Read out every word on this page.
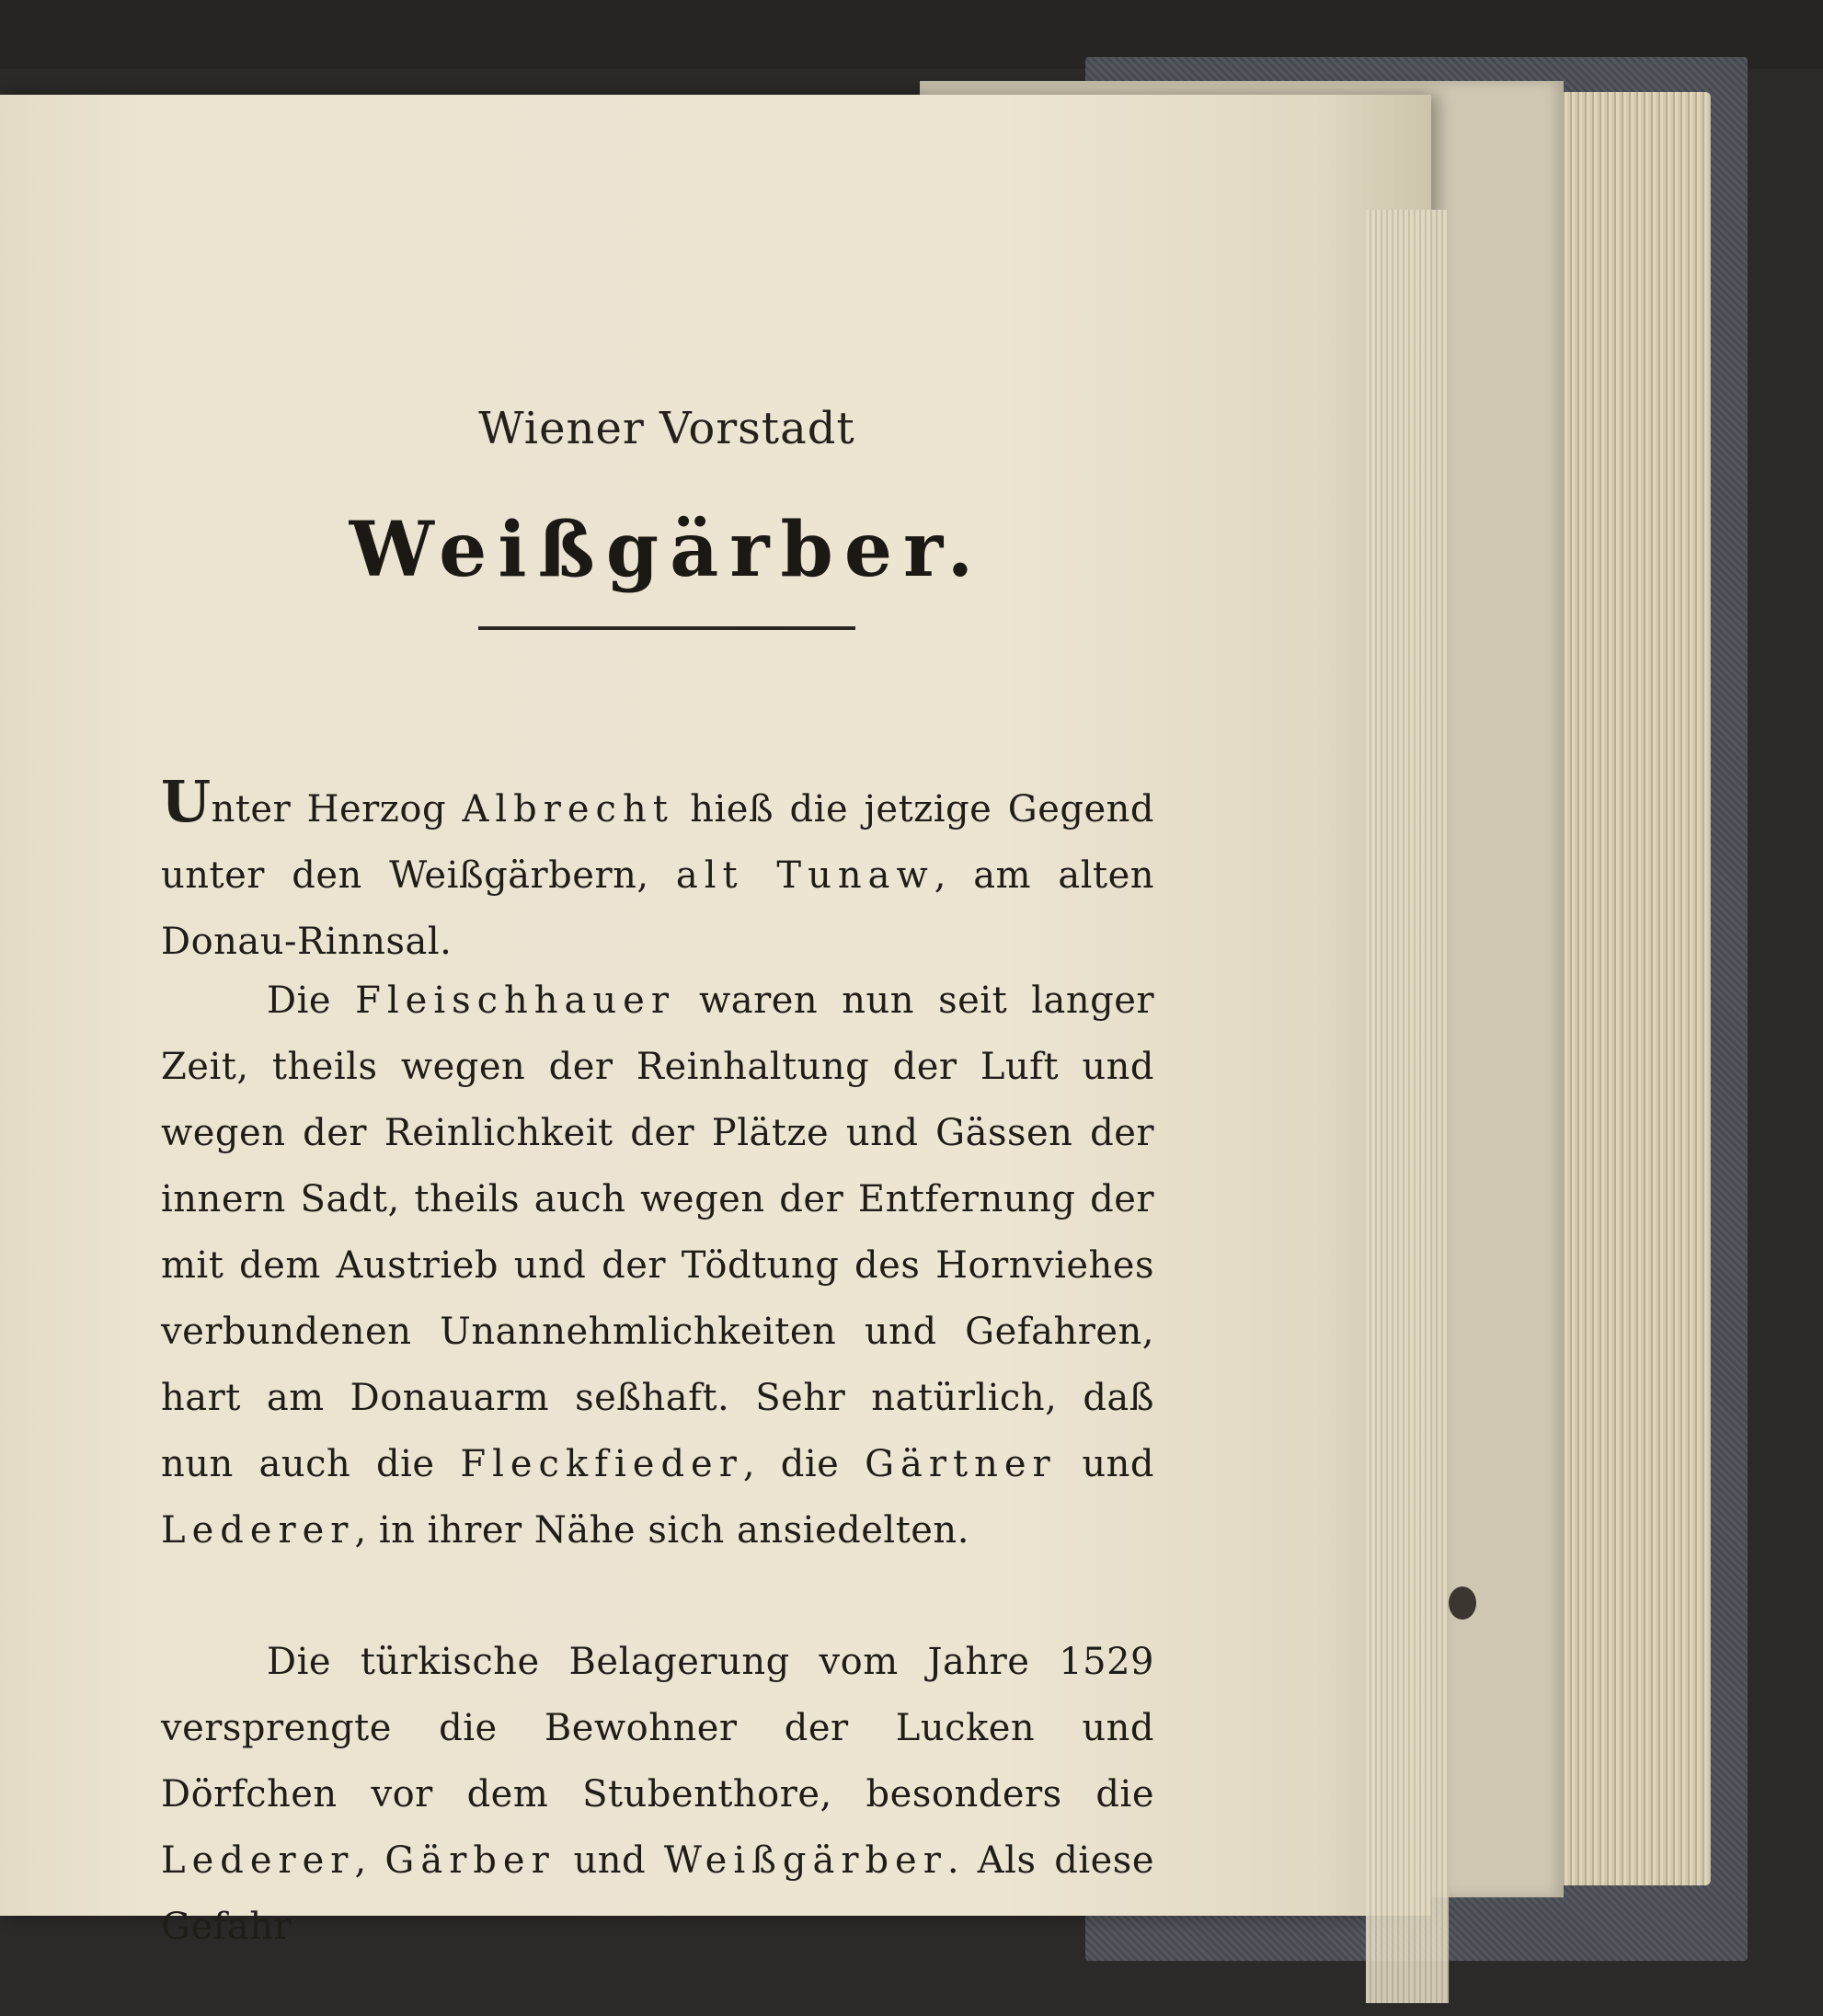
Wiener Vorstadt
Weißgärber.

Unter Herzog Albrecht hieß die jetzige Gegend unter den Weißgärbern, alt Tunaw, am alten Donau-Rinnsal.

Die Fleischhauer waren nun seit langer Zeit, theils wegen der Reinhaltung der Luft und wegen der Reinlichkeit der Plätze und Gässen der innern Sadt, theils auch wegen der Entfernung der mit dem Austrieb und der Tödtung des Hornviehes verbundenen Unannehmlichkeiten und Gefahren, hart am Donauarm seßhaft. Sehr natürlich, daß nun auch die Fleckfieder, die Gärtner und Lederer, in ihrer Nähe sich ansiedelten.

Die türkische Belagerung vom Jahre 1529 versprengte die Bewohner der Lucken und Dörfchen vor dem Stubenthore, besonders die Lederer, Gärber und Weißgärber. Als diese Gefahr
